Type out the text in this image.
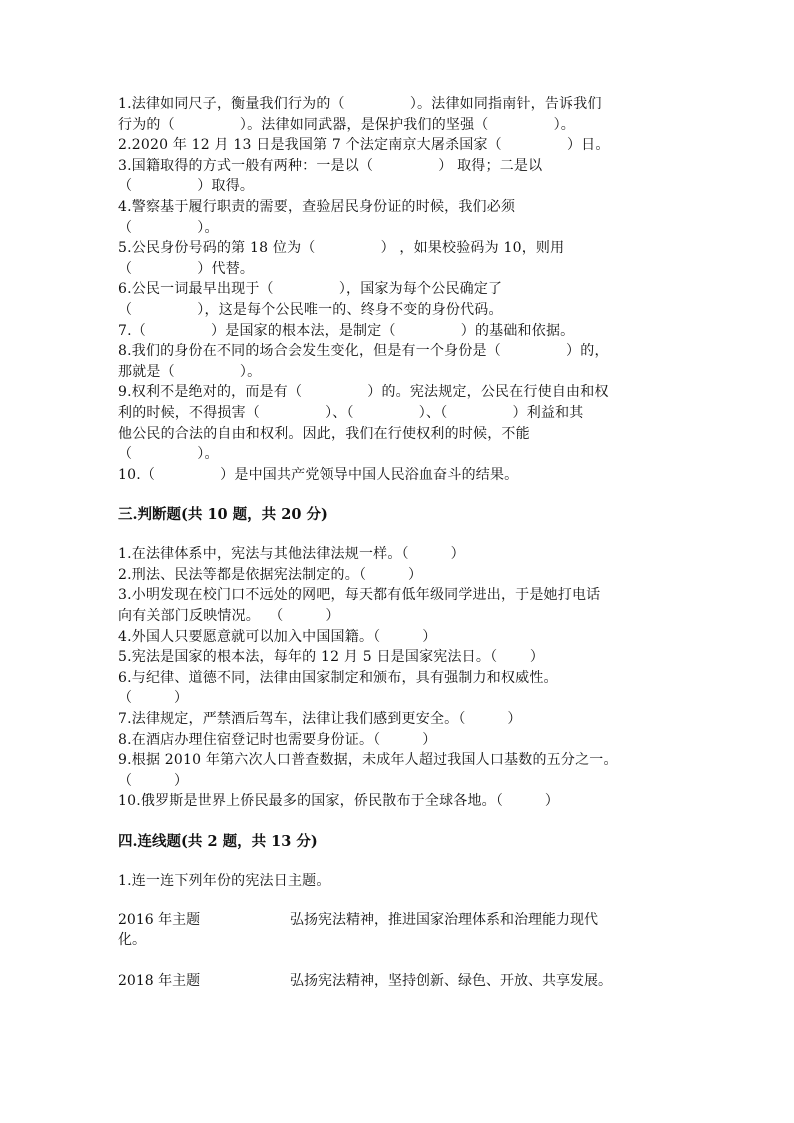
1.法律如同尺子，衡量我们行为的（              ）。法律如同指南针，告诉我们
行为的（              ）。法律如同武器，是保护我们的坚强（              ）。
2.2020 年 12 月 13 日是我国第 7 个法定南京大屠杀国家（              ）日。
3.国籍取得的方式一般有两种：一是以（              ） 取得；二是以
（              ）取得。
4.警察基于履行职责的需要，查验居民身份证的时候，我们必须
（              ）。
5.公民身份号码的第 18 位为（              ） ，如果校验码为 10，则用
（              ）代替。
6.公民一词最早出现于（              ），国家为每个公民确定了
（              ），这是每个公民唯一的、终身不变的身份代码。
7.（              ）是国家的根本法，是制定（              ）的基础和依据。
8.我们的身份在不同的场合会发生变化，但是有一个身份是（              ）的，
那就是（              ）。
9.权利不是绝对的，而是有（              ）的。宪法规定，公民在行使自由和权
利的时候，不得损害（              ）、（              ）、（              ）利益和其
他公民的合法的自由和权利。因此，我们在行使权利的时候，不能
（              ）。
10.（              ）是中国共产党领导中国人民浴血奋斗的结果。
三.判断题(共 10 题，共 20 分)
1.在法律体系中，宪法与其他法律法规一样。（         ）
2.刑法、民法等都是依据宪法制定的。（         ）
3.小明发现在校门口不远处的网吧，每天都有低年级同学进出，于是她打电话
向有关部门反映情况。  （         ）
4.外国人只要愿意就可以加入中国国籍。（         ）
5.宪法是国家的根本法，每年的 12 月 5 日是国家宪法日。（       ）
6.与纪律、道德不同，法律由国家制定和颁布，具有强制力和权威性。
（         ）
7.法律规定，严禁酒后驾车，法律让我们感到更安全。（         ）
8.在酒店办理住宿登记时也需要身份证。（         ）
9.根据 2010 年第六次人口普查数据，未成年人超过我国人口基数的五分之一。
（         ）
10.俄罗斯是世界上侨民最多的国家，侨民散布于全球各地。（         ）
四.连线题(共 2 题，共 13 分)
1.连一连下列年份的宪法日主题。
2016 年主题	弘扬宪法精神，推进国家治理体系和治理能力现代
化。
2018 年主题	弘扬宪法精神，坚持创新、绿色、开放、共享发展。
